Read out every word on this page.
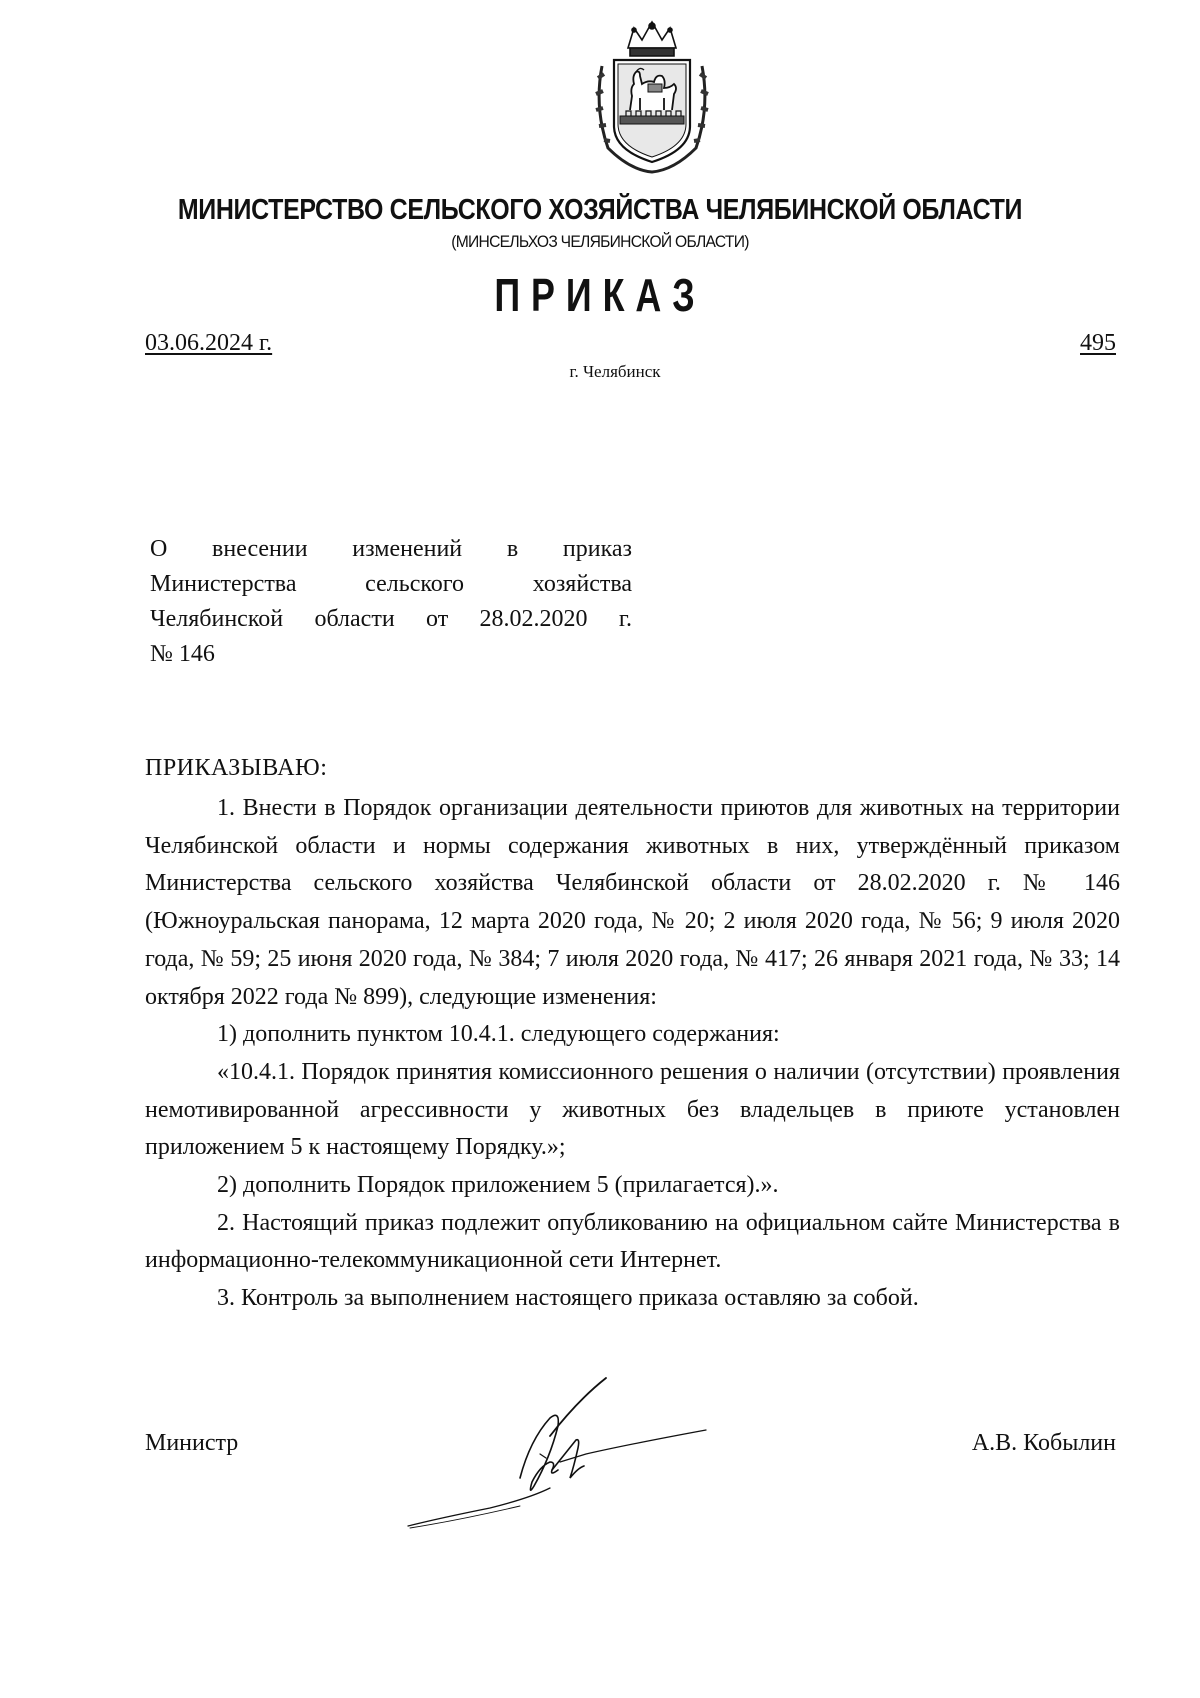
МИНИСТЕРСТВО СЕЛЬСКОГО ХОЗЯЙСТВА ЧЕЛЯБИНСКОЙ ОБЛАСТИ
(МИНСЕЛЬХОЗ ЧЕЛЯБИНСКОЙ ОБЛАСТИ)
ПРИКАЗ
03.06.2024 г.	495
г. Челябинск
О внесении изменений в приказ
Министерства сельского хозяйства
Челябинской области от 28.02.2020 г.
№ 146
ПРИКАЗЫВАЮ:

1. Внести в Порядок организации деятельности приютов для животных на территории Челябинской области и нормы содержания животных в них, утверждённый приказом Министерства сельского хозяйства Челябинской области от 28.02.2020 г. № 146 (Южноуральская панорама, 12 марта 2020 года, № 20; 2 июля 2020 года, № 56; 9 июля 2020 года, № 59; 25 июня 2020 года, № 384; 7 июля 2020 года, № 417; 26 января 2021 года, № 33; 14 октября 2022 года № 899), следующие изменения:

1) дополнить пунктом 10.4.1. следующего содержания:

«10.4.1. Порядок принятия комиссионного решения о наличии (отсутствии) проявления немотивированной агрессивности у животных без владельцев в приюте установлен приложением 5 к настоящему Порядку.»;

2) дополнить Порядок приложением 5 (прилагается).».

2. Настоящий приказ подлежит опубликованию на официальном сайте Министерства в информационно-телекоммуникационной сети Интернет.

3. Контроль за выполнением настоящего приказа оставляю за собой.

Министр	А.В. Кобылин
